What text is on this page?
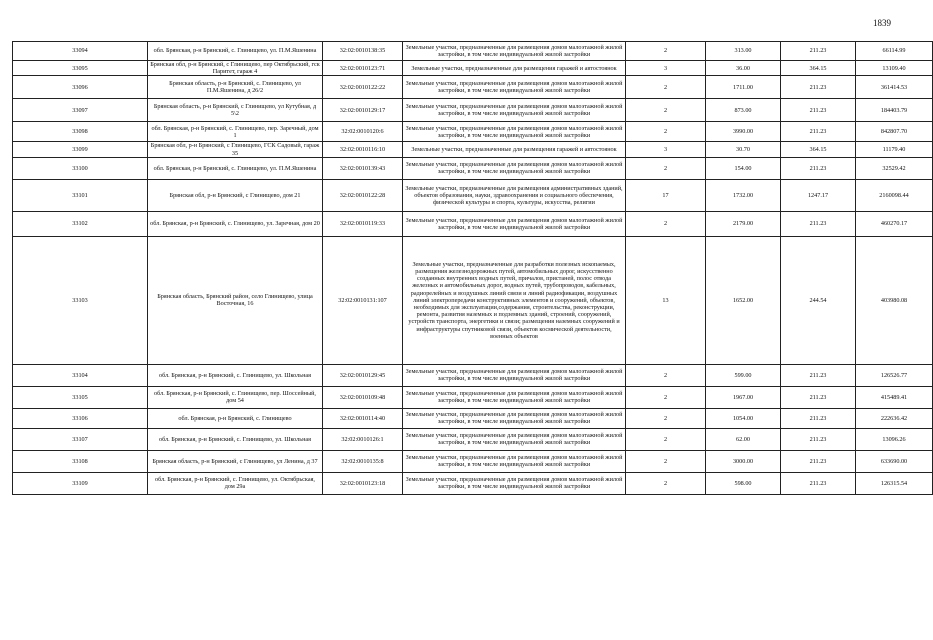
1839
33094	обл. Брянская, р-н Брянский, с. Глинищево, ул. П.М.Яшенина	32:02:0010138:35	Земельные участки, предназначенные для размещения домов малоэтажной жилой застройки, в том числе индивидуальной жилой застройки	2	313.00	211.23	66114.99
33095	Брянская обл, р-н Брянский, с Глинищево, пер Октябрьский, гск Паритет, гараж 4	32:02:0010123:71	Земельные участки, предназначенные для размещения гаражей и автостоянок	3	36.00	364.15	13109.40
33096	Брянская область, р-н Брянский, с. Глинищево, ул П.М.Яшенина, д 26/2	32:02:0010122:22	Земельные участки, предназначенные для размещения домов малоэтажной жилой застройки, в том числе индивидуальной жилой застройки	2	1711.00	211.23	361414.53
33097	Брянская область, р-н Брянский, с Глинищево, ул Кутубная, д 5\2	32:02:0010129:17	Земельные участки, предназначенные для размещения домов малоэтажной жилой застройки, в том числе индивидуальной жилой застройки	2	873.00	211.23	184403.79
33098	обл. Брянская, р-н Брянский, с. Глинищево, пер. Заречный, дом 1	32:02:0010120:6	Земельные участки, предназначенные для размещения домов малоэтажной жилой застройки, в том числе индивидуальной жилой застройки	2	3990.00	211.23	842807.70
33099	Брянская обл, р-н Брянский, с Глинищево, ГСК Садовый, гараж 35	32:02:0010116:10	Земельные участки, предназначенные для размещения гаражей и автостоянок	3	30.70	364.15	11179.40
33100	обл. Брянская, р-н Брянский, с. Глинищево, ул. П.М.Яшенина	32:02:0010139:43	Земельные участки, предназначенные для размещения домов малоэтажной жилой застройки, в том числе индивидуальной жилой застройки	2	154.00	211.23	32529.42
33101	Брянская обл, р-н Брянский, с Глинищево, дом 21	32:02:0010122:28	Земельные участки, предназначенные для размещения административных зданий, объектов образования, науки, здравоохранения и социального обеспечения, физической культуры и спорта, культуры, искусства, религии	17	1732.00	1247.17	2160098.44
33102	обл. Брянская, р-н Брянский, с. Глинищево, ул. Заречная, дом 20	32:02:0010119:33	Земельные участки, предназначенные для размещения домов малоэтажной жилой застройки, в том числе индивидуальной жилой застройки	2	2179.00	211.23	460270.17
33103	Брянская область, Брянский район, село Глинищево, улица Восточная, 16	32:02:0010131:107	Земельные участки, предназначенные для разработки полезных ископаемых, размещения железнодорожных путей, автомобильных дорог, искусственно созданных внутренних водных путей, причалов, пристаней, полос отвода железных и автомобильных дорог, водных путей, трубопроводов, кабельных, радиорелейных и воздушных линий связи и линий радиофикации, воздушных линий электропередачи конструктивных элементов и сооружений, объектов, необходимых для эксплуатации,содержания, строительства, реконструкции, ремонта, развития наземных и подземных зданий, строений, сооружений, устройств транспорта, энергетики и связи; размещения наземных сооружений и инфраструктуры спутниковой связи, объектов космической деятельности, военных объектов	13	1652.00	244.54	403980.08
33104	обл. Брянская, р-н Брянский, с. Глинищево, ул. Школьная	32:02:0010129:45	Земельные участки, предназначенные для размещения домов малоэтажной жилой застройки, в том числе индивидуальной жилой застройки	2	599.00	211.23	126526.77
33105	обл. Брянская, р-н Брянский, с. Глинищево, пер. Шоссейный, дом 54	32:02:0010109:48	Земельные участки, предназначенные для размещения домов малоэтажной жилой застройки, в том числе индивидуальной жилой застройки	2	1967.00	211.23	415489.41
33106	обл. Брянская, р-н Брянский, с. Глинищево	32:02:0010114:40	Земельные участки, предназначенные для размещения домов малоэтажной жилой застройки, в том числе индивидуальной жилой застройки	2	1054.00	211.23	222636.42
33107	обл. Брянская, р-н Брянский, с. Глинищево, ул. Школьная	32:02:0010126:1	Земельные участки, предназначенные для размещения домов малоэтажной жилой застройки, в том числе индивидуальной жилой застройки	2	62.00	211.23	13096.26
33108	Брянская область, р-н Брянский, с Глинищево, ул Ленина, д 37	32:02:0010135:8	Земельные участки, предназначенные для размещения домов малоэтажной жилой застройки, в том числе индивидуальной жилой застройки	2	3000.00	211.23	633690.00
33109	обл. Брянская, р-н Брянский, с. Глинищево, ул. Октябрьская, дом 29а	32:02:0010123:18	Земельные участки, предназначенные для размещения домов малоэтажной жилой застройки, в том числе индивидуальной жилой застройки	2	598.00	211.23	126315.54
